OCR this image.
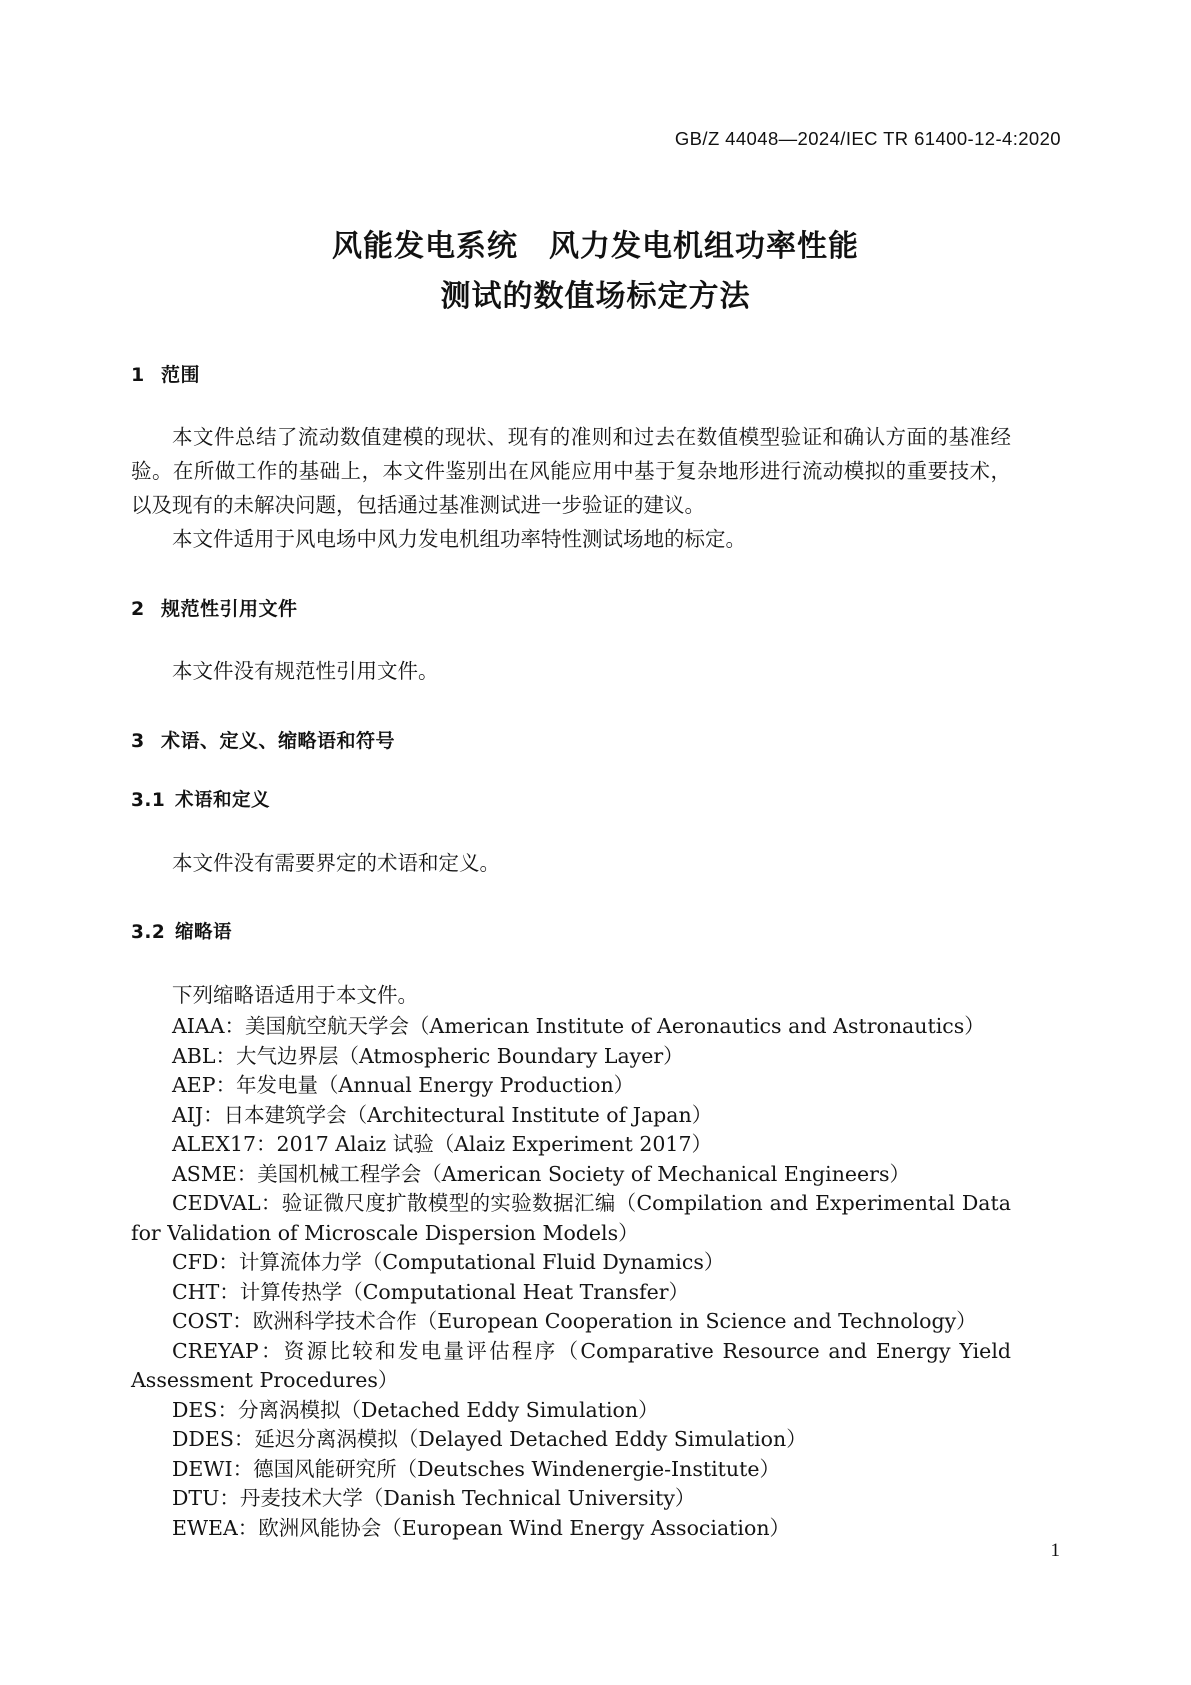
GB/Z 44048—2024/IEC TR 61400-12-4:2020
风能发电系统　风力发电机组功率性能
测试的数值场标定方法
1 范围

本文件总结了流动数值建模的现状、现有的准则和过去在数值模型验证和确认方面的基准经验。在所做工作的基础上，本文件鉴别出在风能应用中基于复杂地形进行流动模拟的重要技术，以及现有的未解决问题，包括通过基准测试进一步验证的建议。

本文件适用于风电场中风力发电机组功率特性测试场地的标定。

2 规范性引用文件

本文件没有规范性引用文件。

3 术语、定义、缩略语和符号
3.1 术语和定义

本文件没有需要界定的术语和定义。

3.2 缩略语

下列缩略语适用于本文件。

AIAA：美国航空航天学会（American Institute of Aeronautics and Astronautics）
ABL：大气边界层（Atmospheric Boundary Layer）
AEP：年发电量（Annual Energy Production）
AIJ：日本建筑学会（Architectural Institute of Japan）
ALEX17：2017 Alaiz 试验（Alaiz Experiment 2017）
ASME：美国机械工程学会（American Society of Mechanical Engineers）
CEDVAL：验证微尺度扩散模型的实验数据汇编（Compilation and Experimental Data for Validation of Microscale Dispersion Models）
CFD：计算流体力学（Computational Fluid Dynamics）
CHT：计算传热学（Computational Heat Transfer）
COST：欧洲科学技术合作（European Cooperation in Science and Technology）
CREYAP：资源比较和发电量评估程序（Comparative Resource and Energy Yield Assessment Procedures）
DES：分离涡模拟（Detached Eddy Simulation）
DDES：延迟分离涡模拟（Delayed Detached Eddy Simulation）
DEWI：德国风能研究所（Deutsches Windenergie-Institute）
DTU：丹麦技术大学（Danish Technical University）
EWEA：欧洲风能协会（European Wind Energy Association）
1
